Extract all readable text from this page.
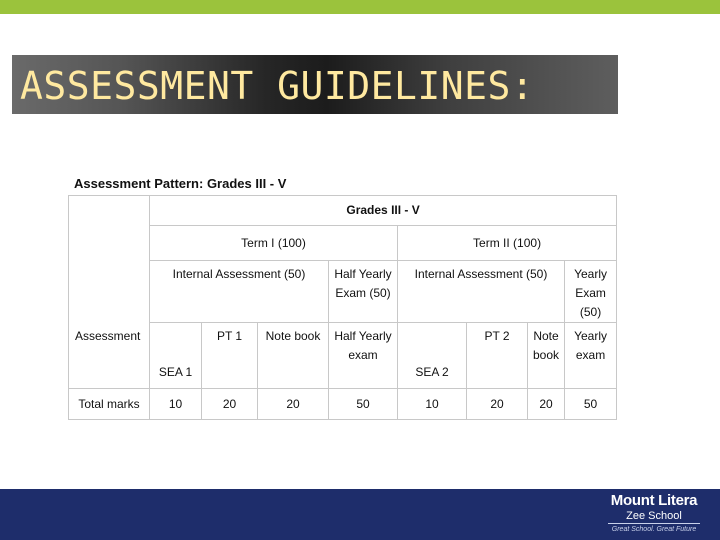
ASSESSMENT GUIDELINES:
Assessment Pattern: Grades III - V
	Grades III - V							
	Term I (100)				Term II (100)			
	Internal Assessment (50)			Half Yearly Exam (50)	Internal Assessment (50)			Yearly Exam (50)
Assessment	SEA 1	PT 1	Note book	Half Yearly exam	SEA 2	PT 2	Note book	Yearly exam
Total marks	10	20	20	50	10	20	20	50
Mount Litera
Zee School
Great School. Great Future
